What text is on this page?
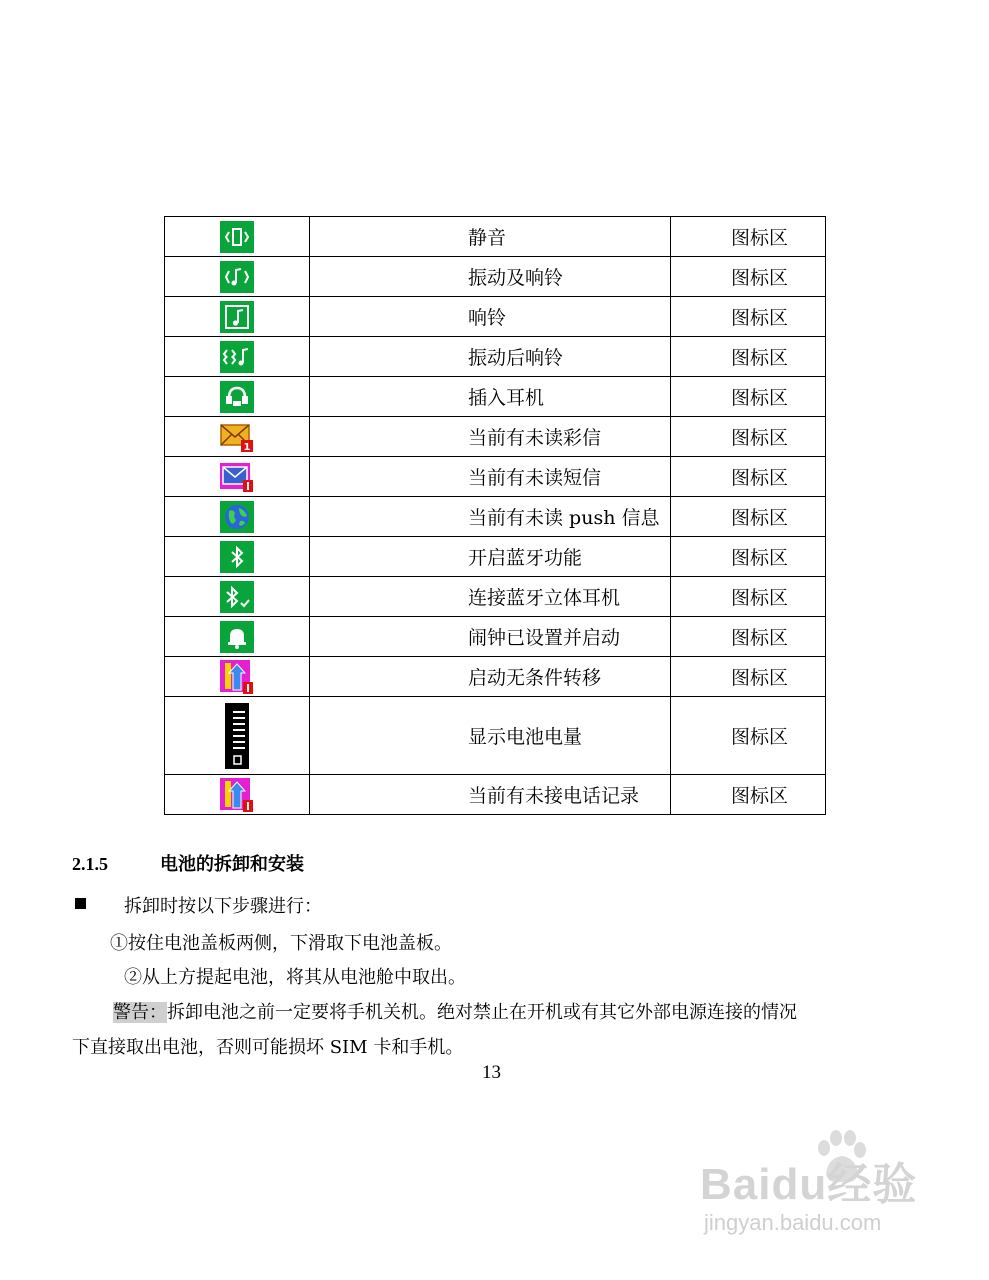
	静音	图标区
	振动及响铃	图标区
	响铃	图标区
	振动后响铃	图标区
	插入耳机	图标区

1	当前有未读彩信	图标区
	当前有未读短信	图标区
	当前有未读 push 信息	图标区
	开启蓝牙功能	图标区
	连接蓝牙立体耳机	图标区
	闹钟已设置并启动	图标区
	启动无条件转移	图标区
	显示电池电量	图标区
	当前有未接电话记录	图标区
2.1.5	电池的拆卸和安装
拆卸时按以下步骤进行：
①按住电池盖板两侧，下滑取下电池盖板。
②从上方提起电池，将其从电池舱中取出。
警告：拆卸电池之前一定要将手机关机。绝对禁止在开机或有其它外部电源连接的情况
下直接取出电池，否则可能损坏 SIM 卡和手机。
13
Baidu经验
jingyan.baidu.com
